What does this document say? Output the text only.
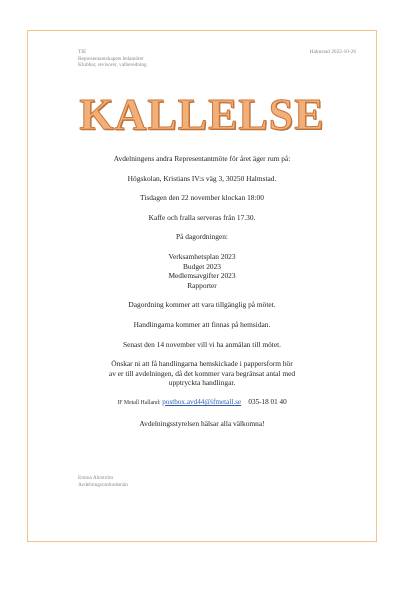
TIE
Representantskapets ledamöter
Klubbar, revisorer, valberedning
Halmstad 2022-10-26
KALLELSE

Avdelningens andra Representantmöte för året äger rum på:

Högskolan, Kristians IV:s väg 3, 30250 Halmstad.

Tisdagen den 22 november klockan 18:00

Kaffe och fralla serveras från 17.30.

På dagordningen:

Verksamhetsplan 2023
Budget 2023
Medlemsavgifter 2023
Rapporter

Dagordning kommer att vara tillgänglig på mötet.

Handlingarna kommer att finnas på hemsidan.

Senast den 14 november vill vi ha anmälan till mötet.

Önskar ni att få handlingarna hemskickade i pappersform hör
av er till avdelningen, då det kommer vara begränsat antal med
upptryckta handlingar.

IF Metall Halland: postbox.avd44@ifmetall.se 035-18 01 40

Avdelningsstyrelsen hälsar alla välkomna!

Emma Ahrström
Avdelningsombudsmän
